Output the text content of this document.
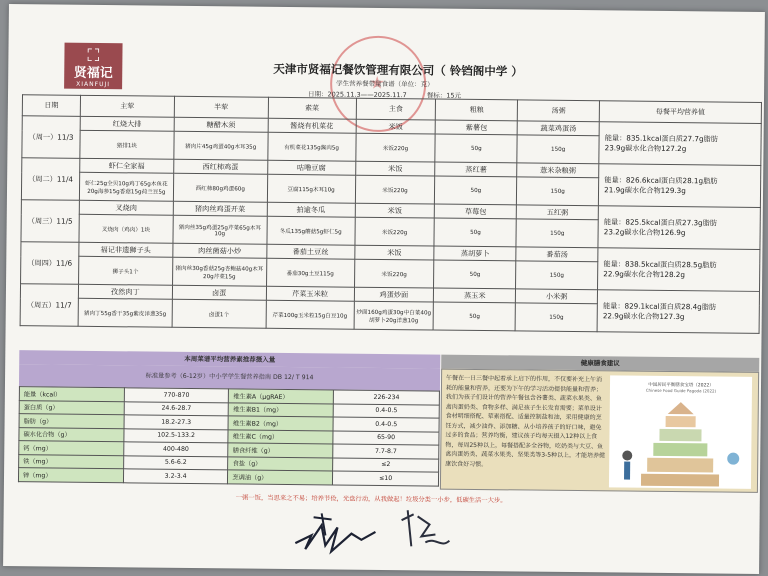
⛶
贤福记
XIANFUJI
天津市贤福记餐饮管理有限公司（ 铃铛阁中学 ）
学生营养餐带量食谱（单位：克）
日期：2025.11.3——2025.11.7	餐标：15元
日期	主荤	半荤	素菜	主食	粗粮	汤粥	每餐平均营养值
（周一）11/3	红烧大排	糖醋木须	酱烧有机菜花	米饭	紫薯包	蔬菜鸡蛋汤	能量：835.1kcal蛋白质27.7g脂肪
23.9g碳水化合物127.2g
	猪排1块	猪肉片45g鸡蛋40g木耳35g	有机菜花135g酱肉5g	米饭220g	50g	150g	
（周二）11/4	虾仁全家福	西红柿鸡蛋	咕噜豆腐	米饭	蒸红薯	薏米杂粮粥	能量：826.6kcal蛋白质28.1g脂肪
21.9g碳水化合物129.3g
	虾仁25g全贝10g鸡丁65g木鱼花20g海参15g香菇15g荷兰豆5g	西红柿80g鸡蛋60g	豆腐115g木耳10g	米饭220g	50g	150g	
（周三）11/5	叉烧肉	猪肉丝鸡蛋开菜	拍逾冬瓜	米饭	草莓包	五红粥	能量：825.5kcal蛋白质27.3g脂肪
23.2g碳水化合物126.9g
	叉烧肉（鸡肉）1块	猪肉丝35g鸡蛋25g芹菜65g木耳10g	冬瓜135g蘑菇5g虾仁5g	米饭220g	50g	150g	
（周四）11/6	福记非遗狮子头	肉丝菌菇小炒	番茄土豆丝	米饭	蒸胡萝卜	番茄汤	能量：838.5kcal蛋白质28.5g脂肪
22.9g碳水化合物128.2g
	狮子头1个	猪肉丝30g香菇25g杏鲍菇40g木耳20g芹菜15g	番茄30g土豆115g	米饭220g	50g	150g	
（周五）11/7	孜然肉丁	卤蛋	芹菜玉米粒	鸡蛋炒面	蒸玉米	小米粥	能量：829.1kcal蛋白质28.4g脂肪
22.9g碳水化合物127.3g
	猪肉丁55g香干35g紫皮洋葱35g	卤蛋1个	芹菜100g玉米粒15g白豆10g	炒面160g鸡蛋30g中白菜40g胡萝卜20g洋葱10g	50g	150g	
本周菜谱平均营养素推荐摄入量
标准量参考（6-12岁）中小学学生餐营养指南 DB 12/ T 914
能量（kcal）	770-870	维生素A（μgRAE）	226-234
蛋白质（g）	24.6-28.7	维生素B1（mg）	0.4-0.5
脂肪（g）	18.2-27.3	维生素B2（mg）	0.4-0.5
碳水化合物（g）	102.5-133.2	维生素C（mg）	65-90
钙（mg）	400-480	膳食纤维（g）	7.7-8.7
铁（mg）	5.6-6.2	食盐（g）	≤2
锌（mg）	3.2-3.4	烹调油（g）	≤10
健康膳食建议
午餐在一日三餐中起着承上启下的作用，不仅要补充上午消耗的能量和营养，还要为下午的学习活动提供能量和营养；我们为孩子们设计的营养午餐包含谷薯类、蔬菜水果类、鱼禽肉蛋奶类、食物多样、满足孩子生长发育需要；菜单设计食材明细搭配、荤素搭配、适量控制盐和油，采用健康的烹饪方式，减少油炸、添加糖、从小培养孩子的好口味，避免过多的食品；营养均衡，建议孩子均每天摄入12种以上食物，每周25种以上，每餐搭配多全谷物，吃奶类与大豆、鱼禽肉蛋奶类、蔬菜水果类、坚果类等3-5种以上，才能培养健康饮食好习惯。
中国居民平衡膳食宝塔（2022）
Chinese Food Guide Pagoda (2022)
一粥一饭，当思来之不易；培养节俭，光盘行动，从我做起！垃圾分类一小步，低碳生活一大步。
